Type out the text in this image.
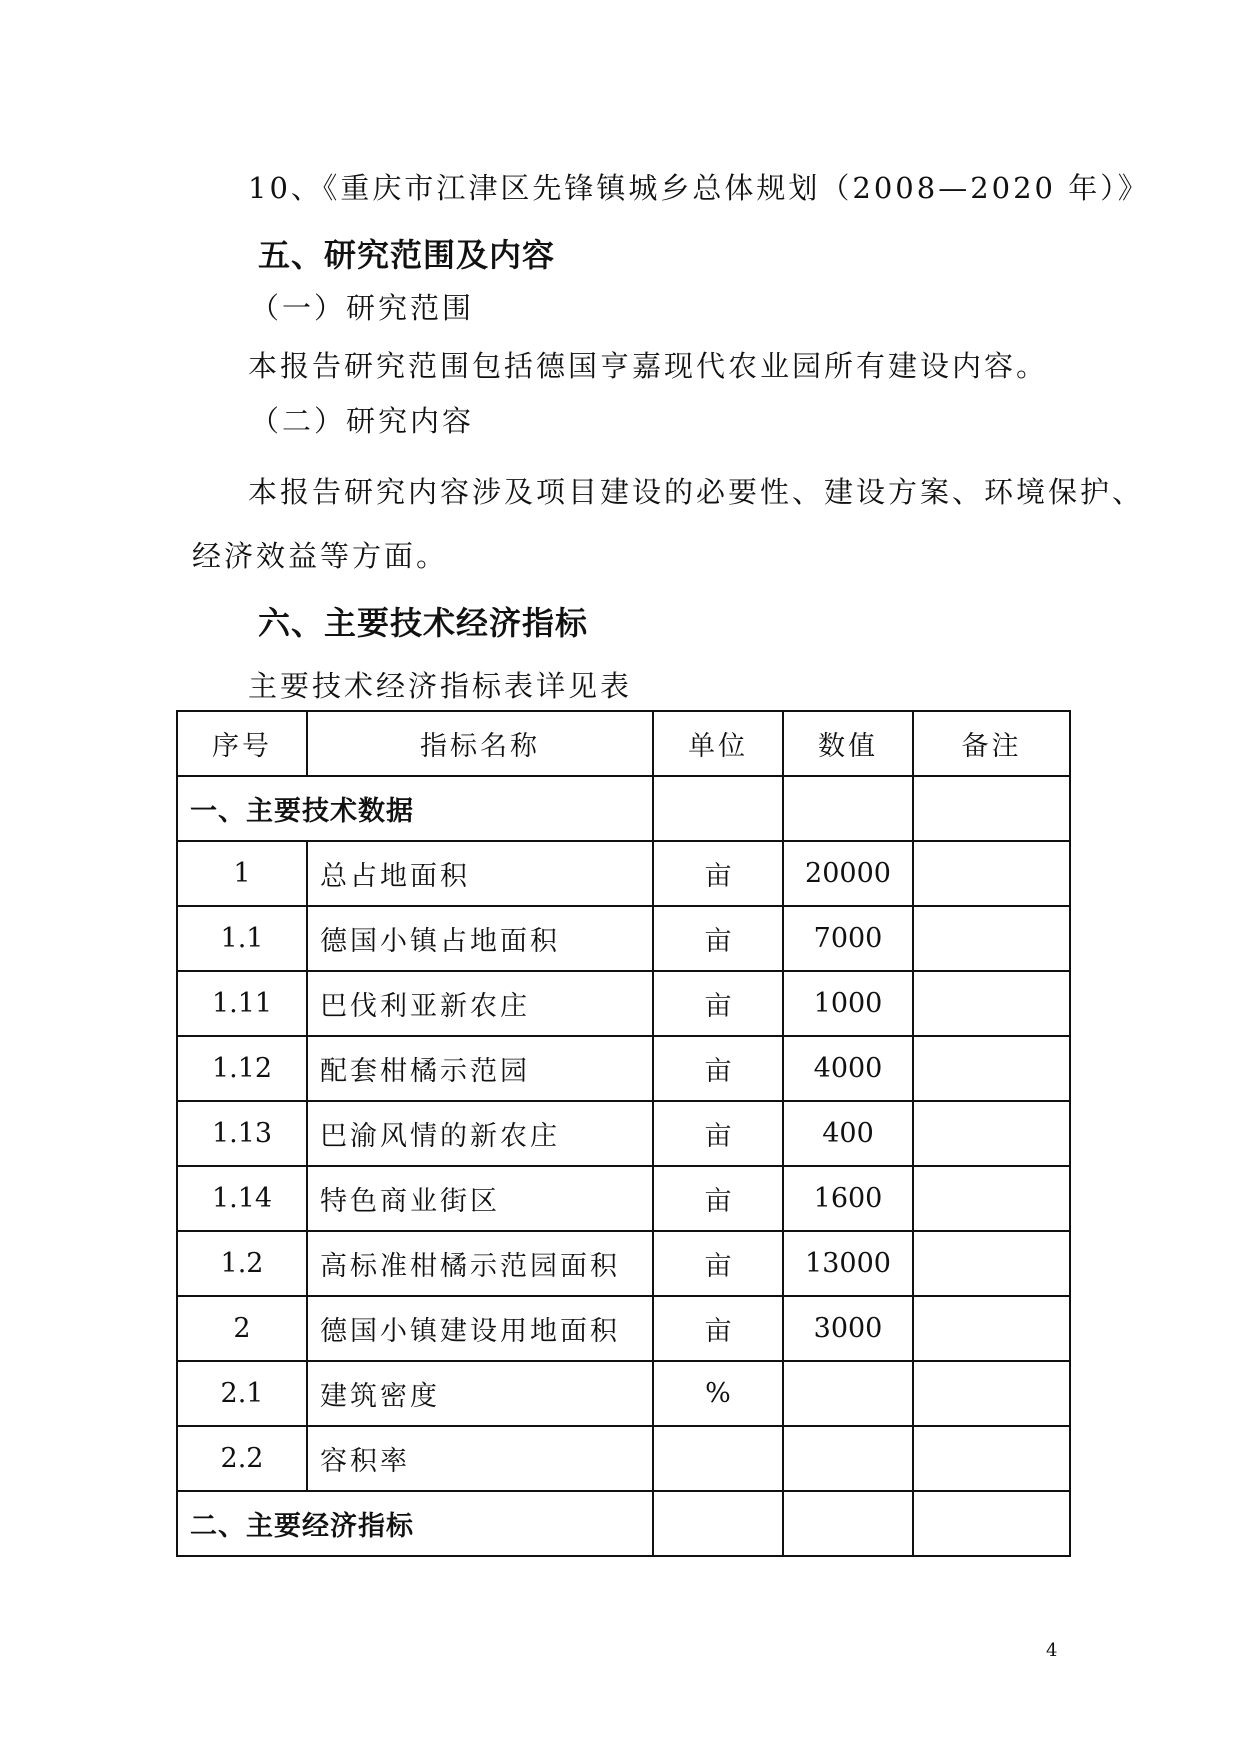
10、《重庆市江津区先锋镇城乡总体规划（2008—2020 年）》
五、研究范围及内容
（一）研究范围
本报告研究范围包括德国亨嘉现代农业园所有建设内容。
（二）研究内容
本报告研究内容涉及项目建设的必要性、建设方案、环境保护、
经济效益等方面。
六、主要技术经济指标
主要技术经济指标表详见表
序号	指标名称	单位	数值	备注
一、主要技术数据				
1	总占地面积	亩	20000	
1.1	德国小镇占地面积	亩	7000	
1.11	巴伐利亚新农庄	亩	1000	
1.12	配套柑橘示范园	亩	4000	
1.13	巴渝风情的新农庄	亩	400	
1.14	特色商业街区	亩	1600	
1.2	高标准柑橘示范园面积	亩	13000	
2	德国小镇建设用地面积	亩	3000	
2.1	建筑密度	%		
2.2	容积率			
二、主要经济指标				
4
